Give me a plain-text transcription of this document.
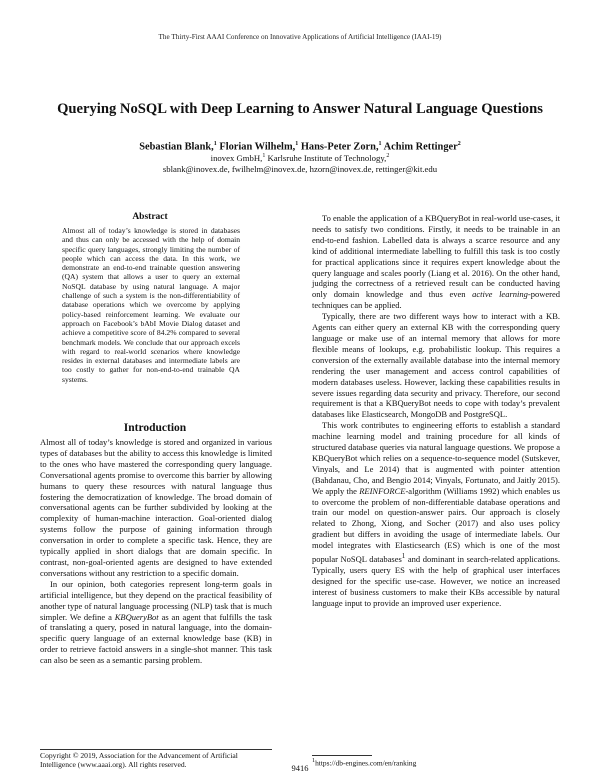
The Thirty-First AAAI Conference on Innovative Applications of Artificial Intelligence (IAAI-19)
Querying NoSQL with Deep Learning to Answer Natural Language Questions
Sebastian Blank,$^1$ Florian Wilhelm,$^1$ Hans-Peter Zorn,$^1$ Achim Rettinger$^2$
inovex GmbH,$^1$ Karlsruhe Institute of Technology,$^2$
sblank@inovex.de, fwilhelm@inovex.de, hzorn@inovex.de, rettinger@kit.edu
Abstract

Almost all of today’s knowledge is stored in databases and thus can only be accessed with the help of domain specific query languages, strongly limiting the number of people which can access the data. In this work, we demonstrate an end-to-end trainable question answering (QA) system that allows a user to query an external NoSQL database by using natural language. A major challenge of such a system is the non-differentiability of database operations which we overcome by applying policy-based reinforcement learning. We evaluate our approach on Facebook’s bAbI Movie Dialog dataset and achieve a competitive score of 84.2% compared to several benchmark models. We conclude that our approach excels with regard to real-world scenarios where knowledge resides in external databases and intermediate labels are too costly to gather for non-end-to-end trainable QA systems.

Introduction

Almost all of today’s knowledge is stored and organized in various types of databases but the ability to access this knowledge is limited to the ones who have mastered the corresponding query language. Conversational agents promise to overcome this barrier by allowing humans to query these resources with natural language thus fostering the democratization of knowledge. The broad domain of conversational agents can be further subdivided by looking at the complexity of human-machine interaction. Goal-oriented dialog systems follow the purpose of gaining information through conversation in order to complete a specific task. Hence, they are typically applied in short dialogs that are domain specific. In contrast, non-goal-oriented agents are designed to have extended conversations without any restriction to a specific domain.

In our opinion, both categories represent long-term goals in artificial intelligence, but they depend on the practical feasibility of another type of natural language processing (NLP) task that is much simpler. We define a KBQueryBot as an agent that fulfills the task of translating a query, posed in natural language, into the domain-specific query language of an external knowledge base (KB) in order to retrieve factoid answers in a single-shot manner. This task can also be seen as a semantic parsing problem.

Copyright © 2019, Association for the Advancement of Artificial Intelligence (www.aaai.org). All rights reserved.

To enable the application of a KBQueryBot in real-world use-cases, it needs to satisfy two conditions. Firstly, it needs to be trainable in an end-to-end fashion. Labelled data is always a scarce resource and any kind of additional intermediate labelling to fulfill this task is too costly for practical applications since it requires expert knowledge about the query language and scales poorly (Liang et al. 2016). On the other hand, judging the correctness of a retrieved result can be conducted having only domain knowledge and thus even active learning-powered techniques can be applied.

Typically, there are two different ways how to interact with a KB. Agents can either query an external KB with the corresponding query language or make use of an internal memory that allows for more flexible means of lookups, e.g. probabilistic lookup. This requires a conversion of the externally available database into the internal memory rendering the user management and access control capabilities of modern databases useless. However, lacking these capabilities results in severe issues regarding data security and privacy. Therefore, our second requirement is that a KBQueryBot needs to cope with today’s prevalent databases like Elasticsearch, MongoDB and PostgreSQL.

This work contributes to engineering efforts to establish a standard machine learning model and training procedure for all kinds of structured database queries via natural language questions. We propose a KBQueryBot which relies on a sequence-to-sequence model (Sutskever, Vinyals, and Le 2014) that is augmented with pointer attention (Bahdanau, Cho, and Bengio 2014; Vinyals, Fortunato, and Jaitly 2015). We apply the REINFORCE-algorithm (Williams 1992) which enables us to overcome the problem of non-differentiable database operations and train our model on question-answer pairs. Our approach is closely related to Zhong, Xiong, and Socher (2017) and also uses policy gradient but differs in avoiding the usage of intermediate labels. Our model integrates with Elasticsearch (ES) which is one of the most popular NoSQL databases$^1$ and dominant in search-related applications. Typically, users query ES with the help of graphical user interfaces designed for the specific use-case. However, we notice an increased interest of business customers to make their KBs accessible by natural language input to provide an improved user experience.

$^1$https://db-engines.com/en/ranking
9416
